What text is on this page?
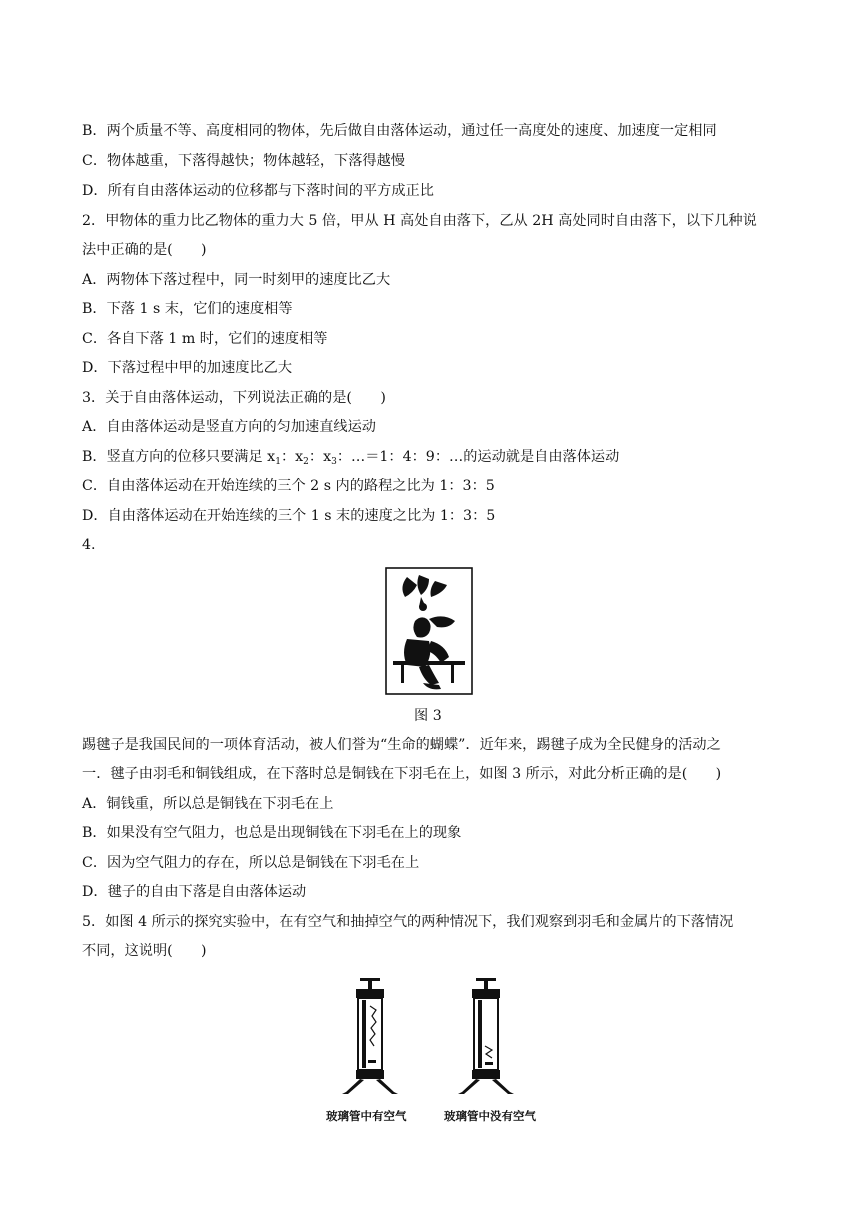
B．两个质量不等、高度相同的物体，先后做自由落体运动，通过任一高度处的速度、加速度一定相同
C．物体越重，下落得越快；物体越轻，下落得越慢
D．所有自由落体运动的位移都与下落时间的平方成正比
2．甲物体的重力比乙物体的重力大 5 倍，甲从 H 高处自由落下，乙从 2H 高处同时自由落下，以下几种说
法中正确的是(　　)
A．两物体下落过程中，同一时刻甲的速度比乙大
B．下落 1 s 末，它们的速度相等
C．各自下落 1 m 时，它们的速度相等
D．下落过程中甲的加速度比乙大
3．关于自由落体运动，下列说法正确的是(　　)
A．自由落体运动是竖直方向的匀加速直线运动
B．竖直方向的位移只要满足 $x_1$：$x_2$：$x_3$：…＝1：4：9：…的运动就是自由落体运动
C．自由落体运动在开始连续的三个 2 s 内的路程之比为 1：3：5
D．自由落体运动在开始连续的三个 1 s 末的速度之比为 1：3：5
4.
图 3
踢毽子是我国民间的一项体育活动，被人们誉为“生命的蝴蝶”．近年来，踢毽子成为全民健身的活动之
一．毽子由羽毛和铜钱组成，在下落时总是铜钱在下羽毛在上，如图 3 所示，对此分析正确的是(　　)
A．铜钱重，所以总是铜钱在下羽毛在上
B．如果没有空气阻力，也总是出现铜钱在下羽毛在上的现象
C．因为空气阻力的存在，所以总是铜钱在下羽毛在上
D．毽子的自由下落是自由落体运动
5．如图 4 所示的探究实验中，在有空气和抽掉空气的两种情况下，我们观察到羽毛和金属片的下落情况
不同，这说明(　　)
玻璃管中有空气	玻璃管中没有空气
